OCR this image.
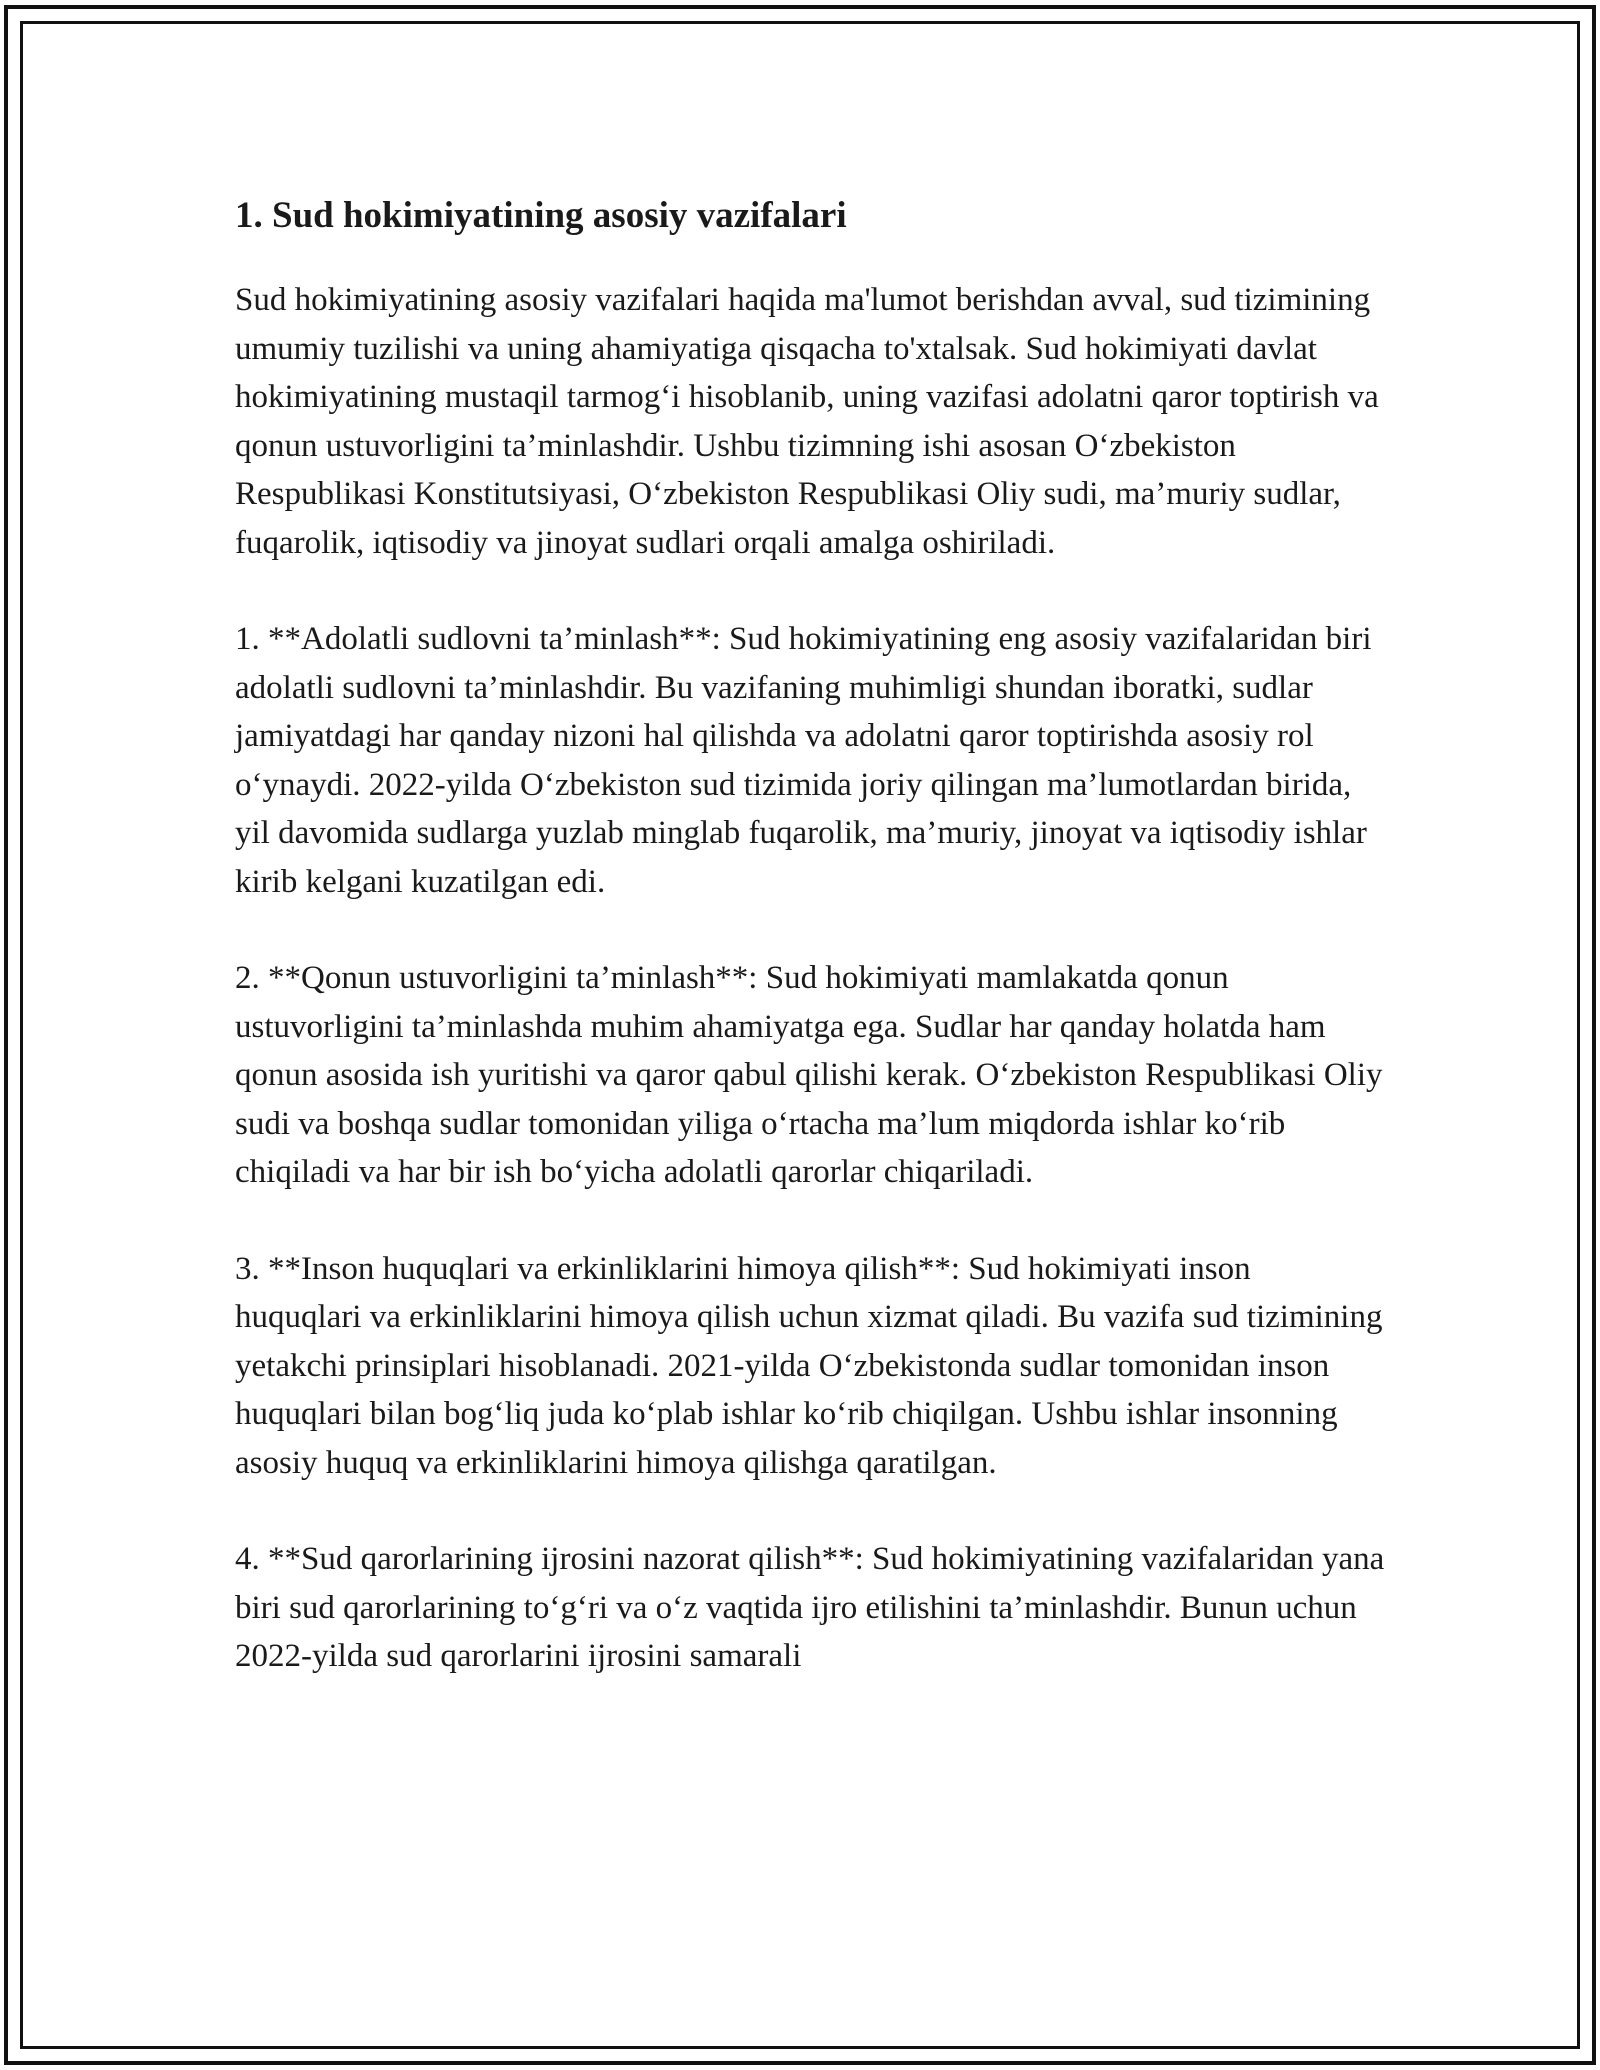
1. Sud hokimiyatining asosiy vazifalari

Sud hokimiyatining asosiy vazifalari haqida ma'lumot berishdan avval, sud tizimining umumiy tuzilishi va uning ahamiyatiga qisqacha to'xtalsak. Sud hokimiyati davlat hokimiyatining mustaqil tarmog‘i hisoblanib, uning vazifasi adolatni qaror toptirish va qonun ustuvorligini ta’minlashdir. Ushbu tizimning ishi asosan O‘zbekiston Respublikasi Konstitutsiyasi, O‘zbekiston Respublikasi Oliy sudi, ma’muriy sudlar, fuqarolik, iqtisodiy va jinoyat sudlari orqali amalga oshiriladi.

1. **Adolatli sudlovni ta’minlash**: Sud hokimiyatining eng asosiy vazifalaridan biri adolatli sudlovni ta’minlashdir. Bu vazifaning muhimligi shundan iboratki, sudlar jamiyatdagi har qanday nizoni hal qilishda va adolatni qaror toptirishda asosiy rol o‘ynaydi. 2022-yilda O‘zbekiston sud tizimida joriy qilingan ma’lumotlardan birida, yil davomida sudlarga yuzlab minglab fuqarolik, ma’muriy, jinoyat va iqtisodiy ishlar kirib kelgani kuzatilgan edi.

2. **Qonun ustuvorligini ta’minlash**: Sud hokimiyati mamlakatda qonun ustuvorligini ta’minlashda muhim ahamiyatga ega. Sudlar har qanday holatda ham qonun asosida ish yuritishi va qaror qabul qilishi kerak. O‘zbekiston Respublikasi Oliy sudi va boshqa sudlar tomonidan yiliga o‘rtacha ma’lum miqdorda ishlar ko‘rib chiqiladi va har bir ish bo‘yicha adolatli qarorlar chiqariladi.

3. **Inson huquqlari va erkinliklarini himoya qilish**: Sud hokimiyati inson huquqlari va erkinliklarini himoya qilish uchun xizmat qiladi. Bu vazifa sud tizimining yetakchi prinsiplari hisoblanadi. 2021-yilda O‘zbekistonda sudlar tomonidan inson huquqlari bilan bog‘liq juda ko‘plab ishlar ko‘rib chiqilgan. Ushbu ishlar insonning asosiy huquq va erkinliklarini himoya qilishga qaratilgan.

4. **Sud qarorlarining ijrosini nazorat qilish**: Sud hokimiyatining vazifalaridan yana biri sud qarorlarining to‘g‘ri va o‘z vaqtida ijro etilishini ta’minlashdir. Bunun uchun 2022-yilda sud qarorlarini ijrosini samarali
